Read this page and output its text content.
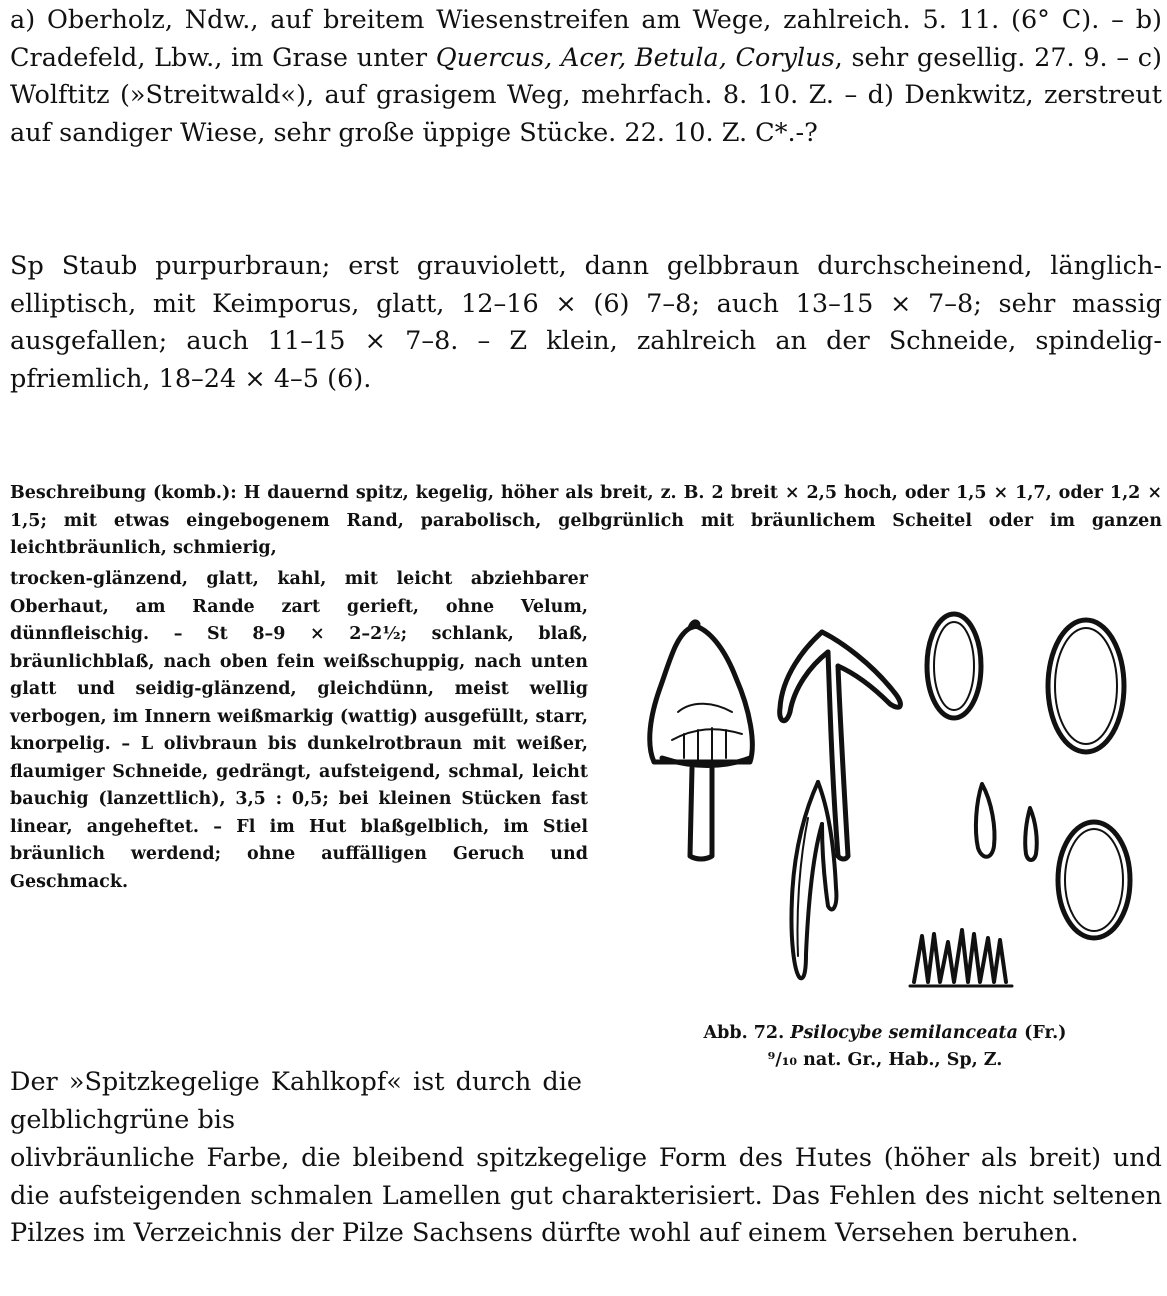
a) Oberholz, Ndw., auf breitem Wiesenstreifen am Wege, zahlreich. 5. 11. (6° C). – b) Cradefeld, Lbw., im Grase unter Quercus, Acer, Betula, Corylus, sehr gesellig. 27. 9. – c) Wolftitz (»Streitwald«), auf grasigem Weg, mehrfach. 8. 10. Z. – d) Denkwitz, zerstreut auf sandiger Wiese, sehr große üppige Stücke. 22. 10. Z. C*.-?

Sp Staub purpurbraun; erst grauviolett, dann gelbbraun durchscheinend, länglich-elliptisch, mit Keimporus, glatt, 12–16 × (6) 7–8; auch 13–15 × 7–8; sehr massig ausgefallen; auch 11–15 × 7–8. – Z klein, zahlreich an der Schneide, spindelig-pfriemlich, 18–24 × 4–5 (6).

Beschreibung (komb.): H dauernd spitz, kegelig, höher als breit, z. B. 2 breit × 2,5 hoch, oder 1,5 × 1,7, oder 1,2 × 1,5; mit etwas eingebogenem Rand, parabolisch, gelbgrünlich mit bräunlichem Scheitel oder im ganzen leichtbräunlich, schmierig,

trocken-glänzend, glatt, kahl, mit leicht abziehbarer Oberhaut, am Rande zart gerieft, ohne Velum, dünnfleischig. – St 8–9 × 2–2½; schlank, blaß, bräunlichblaß, nach oben fein weißschuppig, nach unten glatt und seidig-glänzend, gleichdünn, meist wellig verbogen, im Innern weißmarkig (wattig) ausgefüllt, starr, knorpelig. – L olivbraun bis dunkelrotbraun mit weißer, flaumiger Schneide, gedrängt, aufsteigend, schmal, leicht bauchig (lanzettlich), 3,5 : 0,5; bei kleinen Stücken fast linear, angeheftet. – Fl im Hut blaßgelblich, im Stiel bräunlich werdend; ohne auffälligen Geruch und Geschmack.

Abb. 72. Psilocybe semilanceata (Fr.)
⁹/₁₀ nat. Gr., Hab., Sp, Z.

Der »Spitzkegelige Kahlkopf« ist durch die gelblichgrüne bis

olivbräunliche Farbe, die bleibend spitzkegelige Form des Hutes (höher als breit) und die aufsteigenden schmalen Lamellen gut charakterisiert. Das Fehlen des nicht seltenen Pilzes im Verzeichnis der Pilze Sachsens dürfte wohl auf einem Versehen beruhen.
